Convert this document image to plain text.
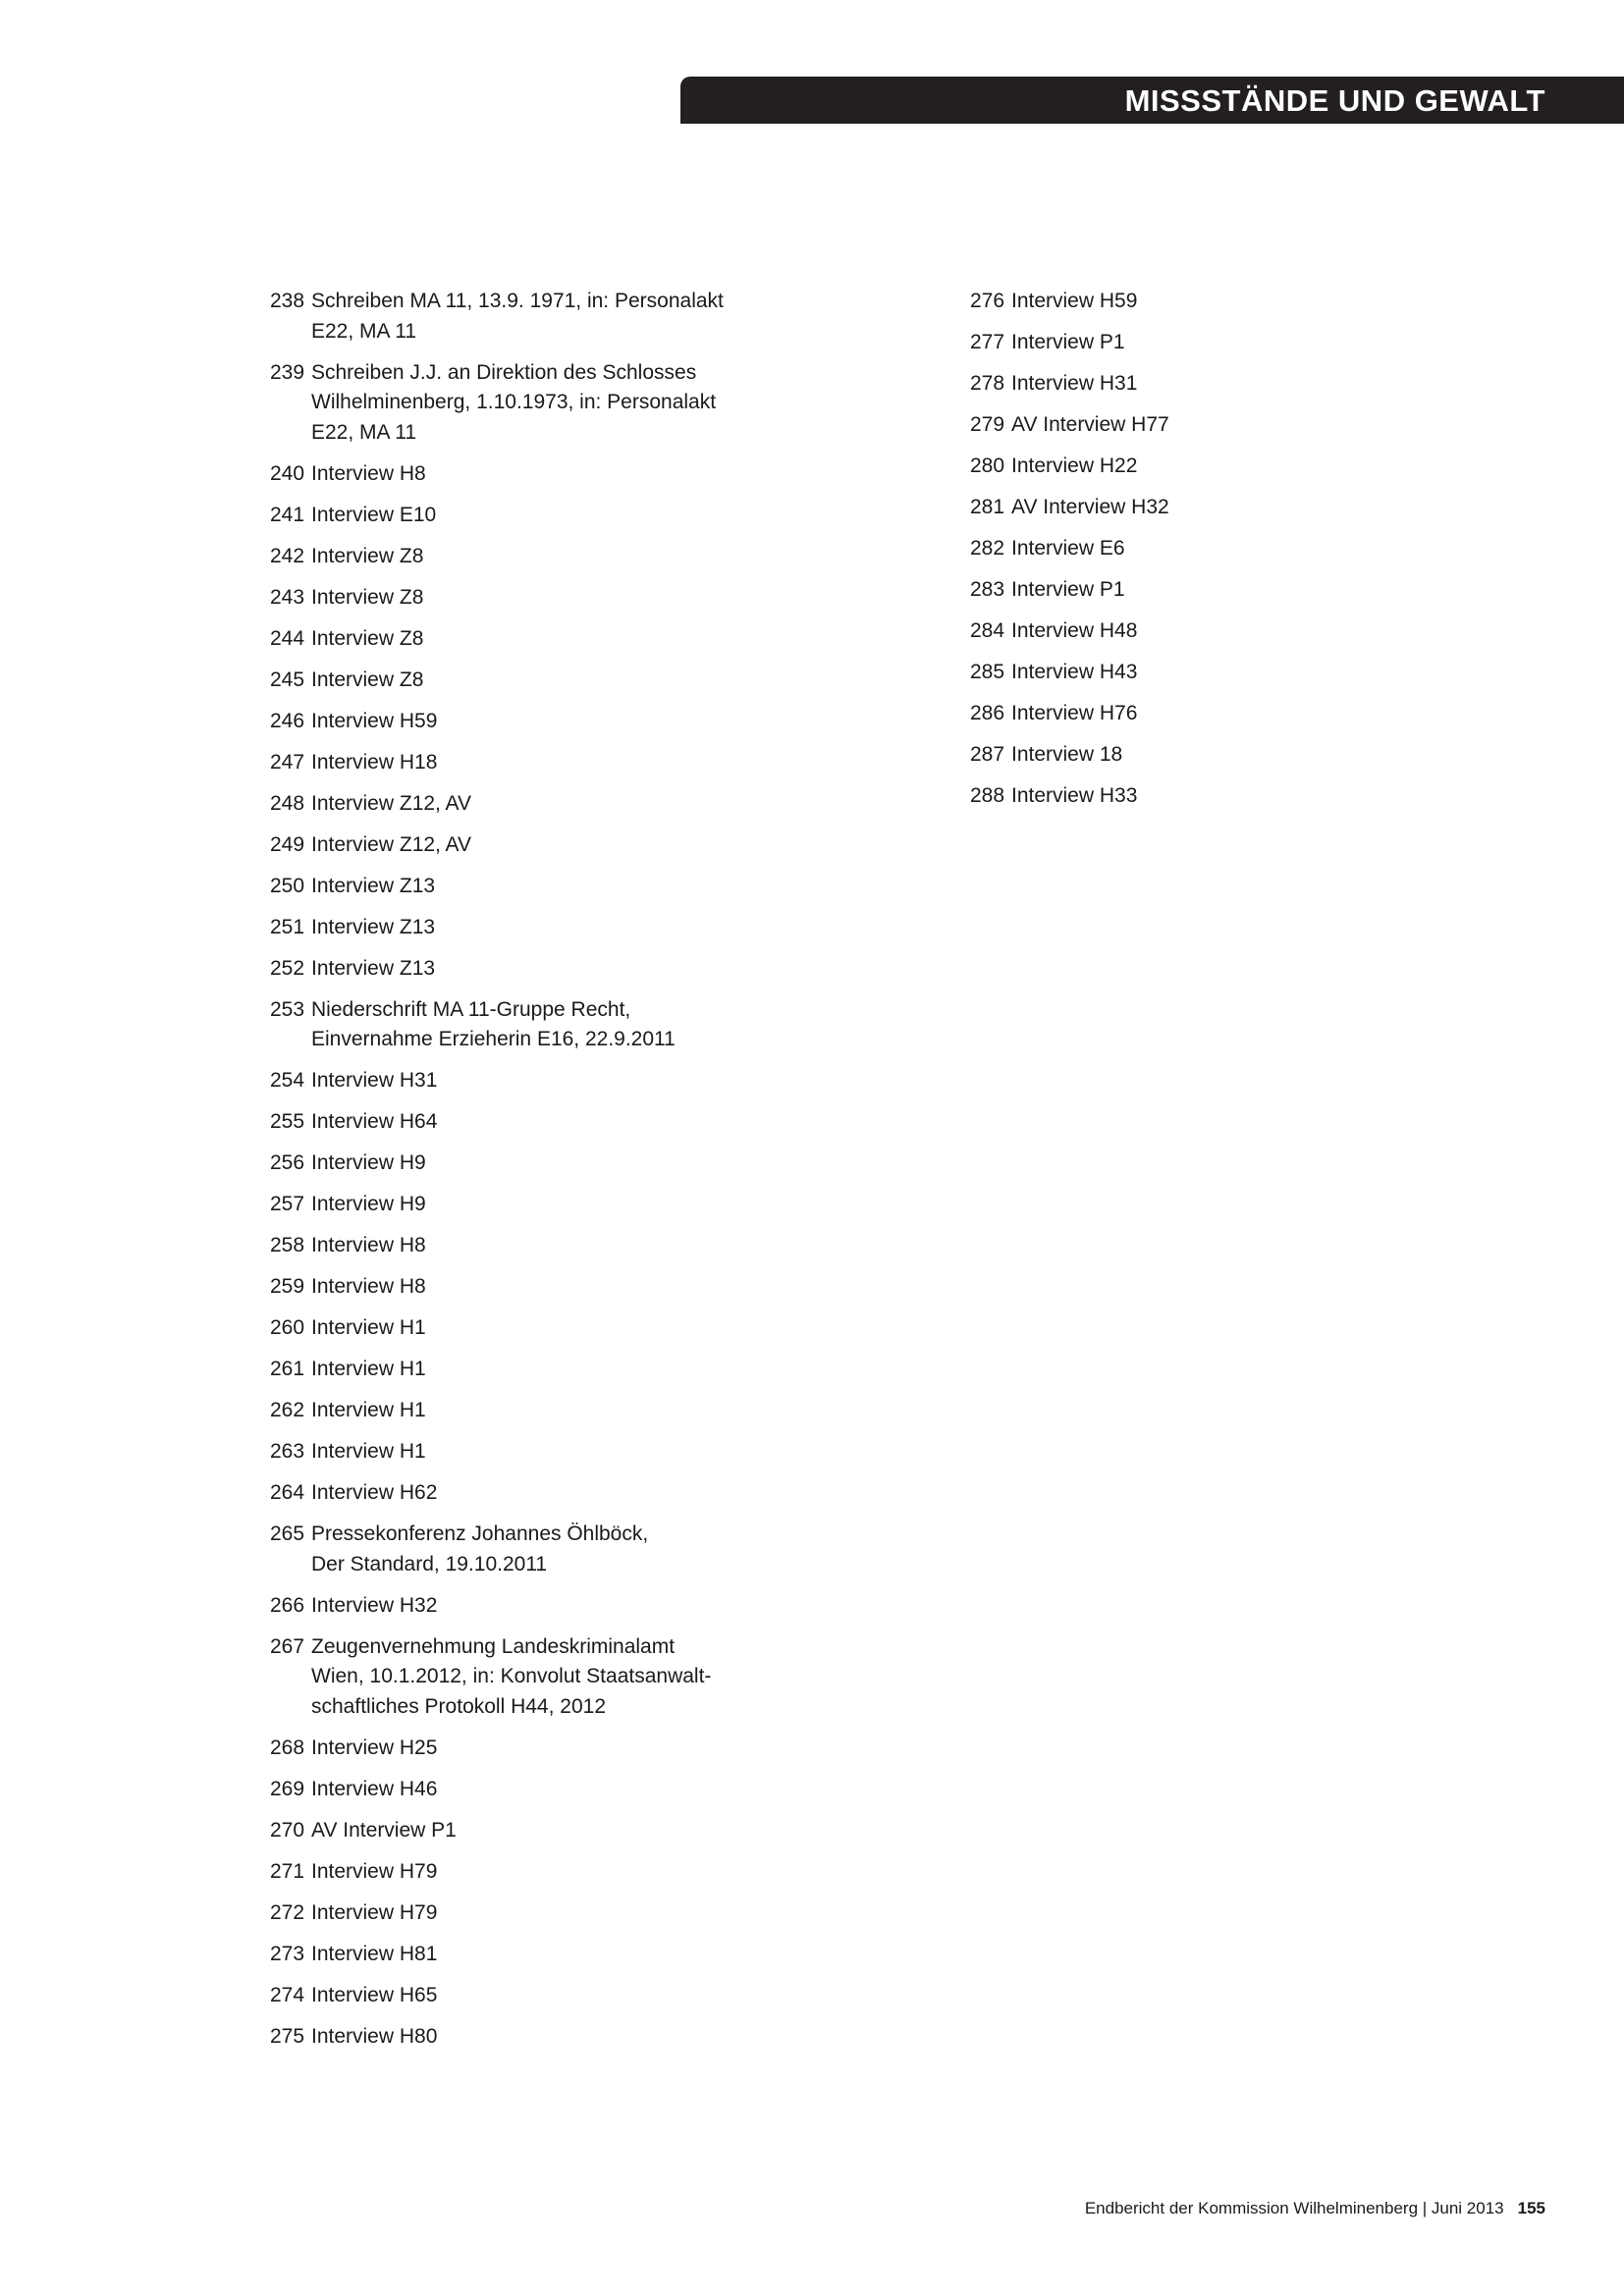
MISSSTÄNDE UND GEWALT
238 Schreiben MA 11, 13.9. 1971, in: Personalakt
E22, MA 11
239 Schreiben J.J. an Direktion des Schlosses
Wilhelminenberg, 1.10.1973, in: Personalakt
E22, MA 11
240 Interview H8
241 Interview E10
242 Interview Z8
243 Interview Z8
244 Interview Z8
245 Interview Z8
246 Interview H59
247 Interview H18
248 Interview Z12, AV
249 Interview Z12, AV
250 Interview Z13
251 Interview Z13
252 Interview Z13
253 Niederschrift MA 11-Gruppe Recht,
Einvernahme Erzieherin E16, 22.9.2011
254 Interview H31
255 Interview H64
256 Interview H9
257 Interview H9
258 Interview H8
259 Interview H8
260 Interview H1
261 Interview H1
262 Interview H1
263 Interview H1
264 Interview H62
265 Pressekonferenz Johannes Öhlböck,
Der Standard, 19.10.2011
266 Interview H32
267 Zeugenvernehmung Landeskriminalamt
Wien, 10.1.2012, in: Konvolut Staatsanwalt-
schaftliches Protokoll H44, 2012
268 Interview H25
269 Interview H46
270 AV Interview P1
271 Interview H79
272 Interview H79
273 Interview H81
274 Interview H65
275 Interview H80
276 Interview H59
277 Interview P1
278 Interview H31
279 AV Interview H77
280 Interview H22
281 AV Interview H32
282 Interview E6
283 Interview P1
284 Interview H48
285 Interview H43
286 Interview H76
287 Interview 18
288 Interview H33
Endbericht der Kommission Wilhelminenberg | Juni 2013 155
